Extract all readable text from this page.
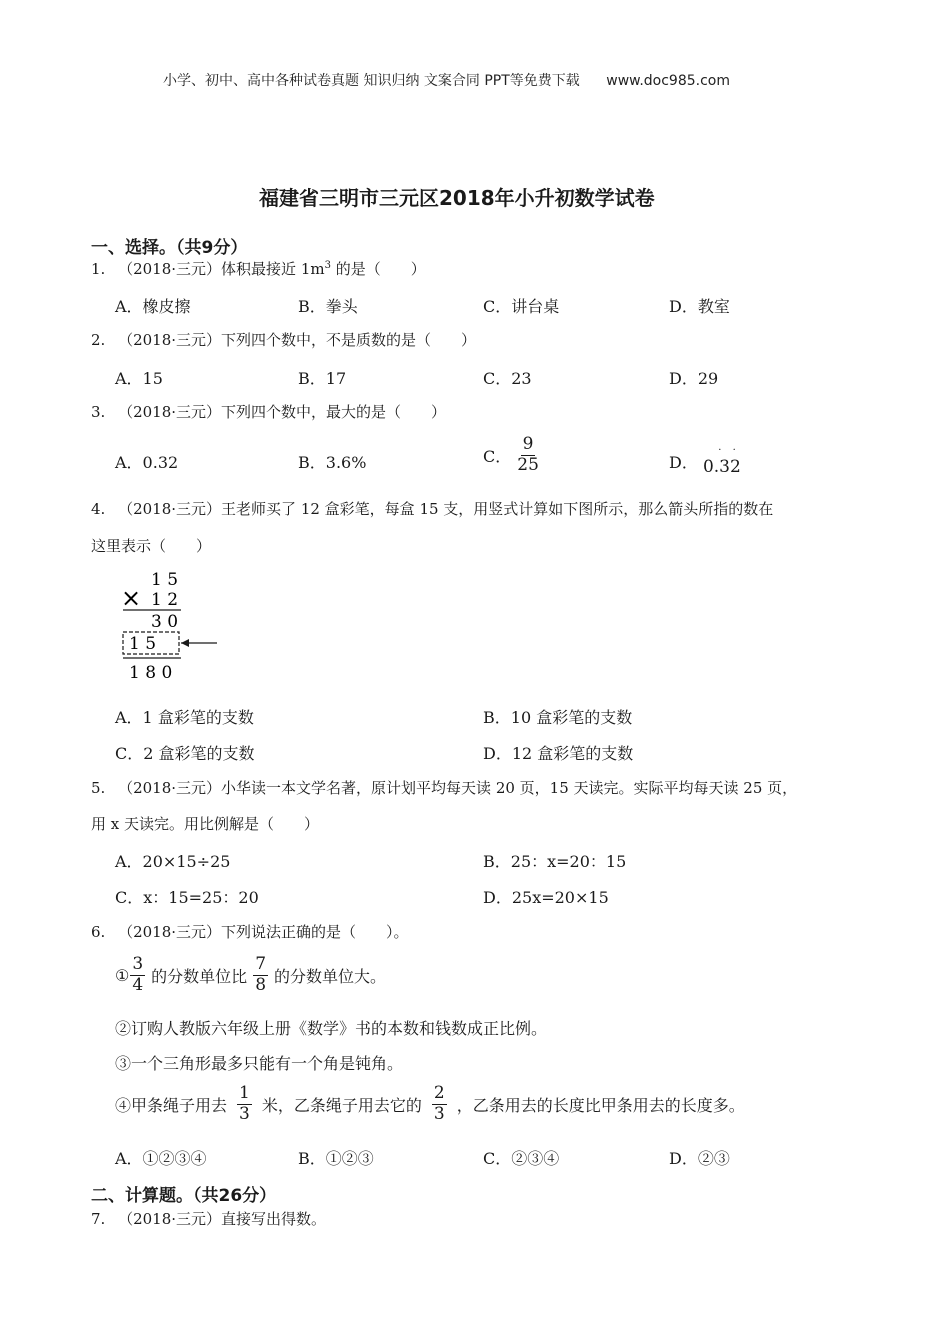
小学、初中、高中各种试卷真题 知识归纳 文案合同 PPT等免费下载 www.doc985.com
福建省三明市三元区2018年小升初数学试卷
一、选择。（共9分）
1. （2018·三元）体积最接近 $1m^3$ 的是（　　）
A．橡皮擦	B．拳头	C．讲台桌	D．教室
2. （2018·三元）下列四个数中，不是质数的是（　　）
A．15	B．17	C．23	D．29
3. （2018·三元）下列四个数中，最大的是（　　）
A．0.32	B．3.6%	C． $\frac{9}{25}$	D．
· ·
0.32
4. （2018·三元）王老师买了 12 盒彩笔，每盒 15 支，用竖式计算如下图所示，那么箭头所指的数在
这里表示（　　）
1 5
× 1 2
3 0
1 5
1 8 0
A．1 盒彩笔的支数	B．10 盒彩笔的支数
C．2 盒彩笔的支数	D．12 盒彩笔的支数
5. （2018·三元）小华读一本文学名著，原计划平均每天读 20 页，15 天读完。实际平均每天读 25 页，
用 x 天读完。用比例解是（　　）
A．20×15÷25	B．25：x=20：15
C．x：15=25：20	D．25x=20×15
6. （2018·三元）下列说法正确的是（　　）。
① $\frac{3}{4}$ 的分数单位比 $\frac{7}{8}$ 的分数单位大。
②订购人教版六年级上册《数学》书的本数和钱数成正比例。
③一个三角形最多只能有一个角是钝角。
④甲条绳子用去 $\frac{1}{3}$ 米，乙条绳子用去它的 $\frac{2}{3}$ ，乙条用去的长度比甲条用去的长度多。
A．①②③④	B．①②③	C．②③④	D．②③
二、计算题。（共26分）
7. （2018·三元）直接写出得数。
